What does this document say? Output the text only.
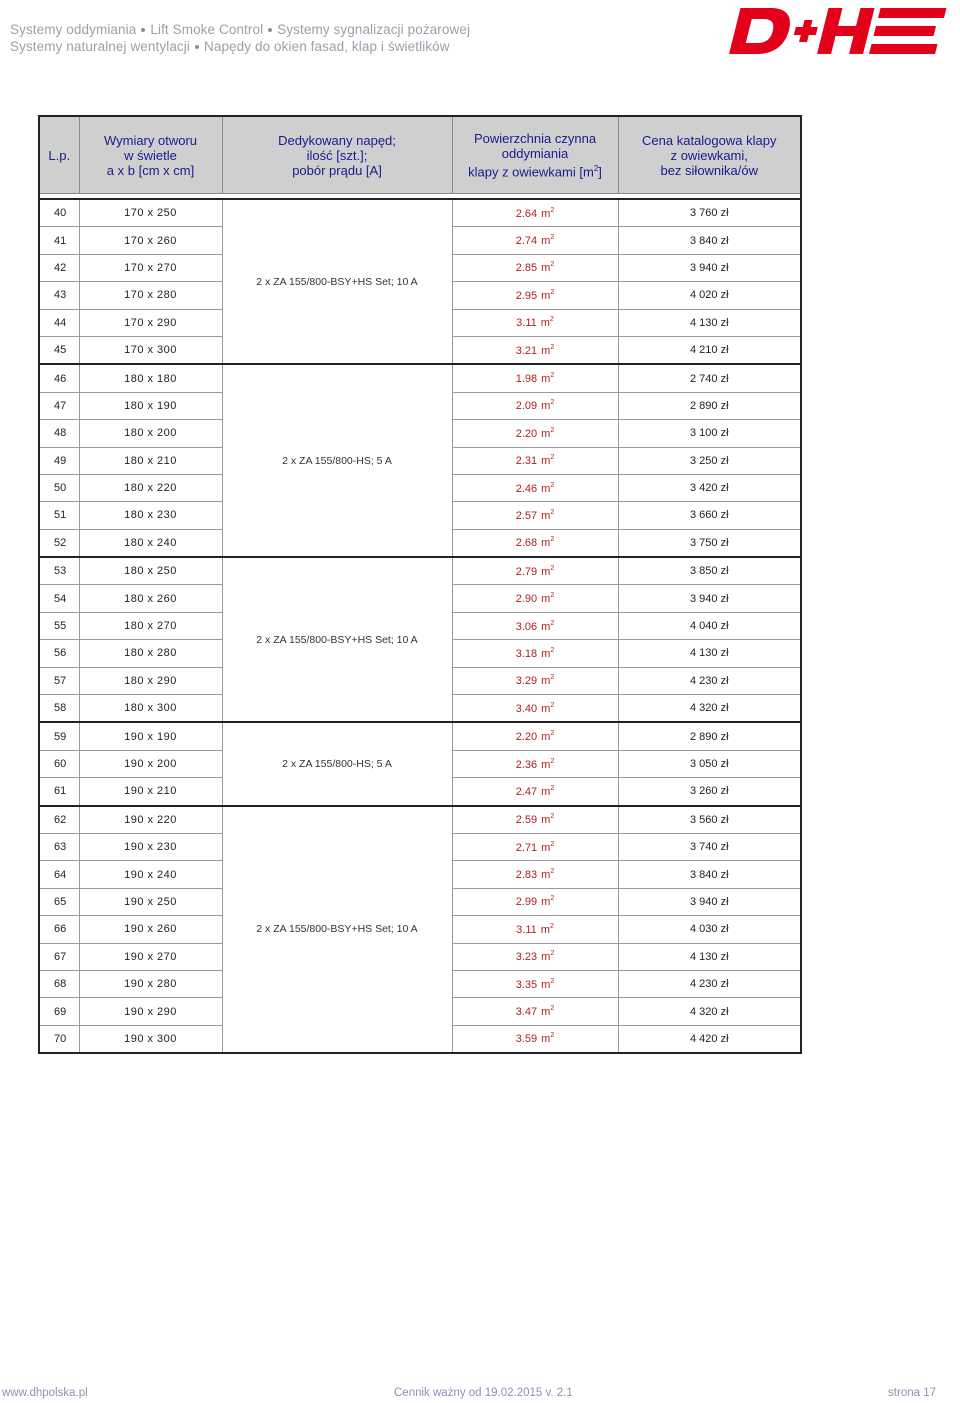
Systemy oddymiania Lift Smoke Control Systemy sygnalizacji pożarowej
Systemy naturalnej wentylacji Napędy do okien fasad, klap i świetlików
L.p.	Wymiary otworu
w świetle
a x b [cm x cm]	Dedykowany napęd;
ilość [szt.];
pobór prądu [A]	Powierzchnia czynna
oddymiania
klapy z owiewkami $[m^2]$	Cena katalogowa klapy
z owiewkami,
bez siłownika/ów

40	170 x 250	2 x ZA 155/800-BSY+HS Set; 10 A	2.64 $m^2$	3 760 zł
41	170 x 260		2.74 $m^2$	3 840 zł
42	170 x 270		2.85 $m^2$	3 940 zł
43	170 x 280		2.95 $m^2$	4 020 zł
44	170 x 290		3.11 $m^2$	4 130 zł
45	170 x 300		3.21 $m^2$	4 210 zł
46	180 x 180	2 x ZA 155/800-HS; 5 A	1.98 $m^2$	2 740 zł
47	180 x 190		2.09 $m^2$	2 890 zł
48	180 x 200		2.20 $m^2$	3 100 zł
49	180 x 210		2.31 $m^2$	3 250 zł
50	180 x 220		2.46 $m^2$	3 420 zł
51	180 x 230		2.57 $m^2$	3 660 zł
52	180 x 240		2.68 $m^2$	3 750 zł
53	180 x 250	2 x ZA 155/800-BSY+HS Set; 10 A	2.79 $m^2$	3 850 zł
54	180 x 260		2.90 $m^2$	3 940 zł
55	180 x 270		3.06 $m^2$	4 040 zł
56	180 x 280		3.18 $m^2$	4 130 zł
57	180 x 290		3.29 $m^2$	4 230 zł
58	180 x 300		3.40 $m^2$	4 320 zł
59	190 x 190	2 x ZA 155/800-HS; 5 A	2.20 $m^2$	2 890 zł
60	190 x 200		2.36 $m^2$	3 050 zł
61	190 x 210		2.47 $m^2$	3 260 zł
62	190 x 220	2 x ZA 155/800-BSY+HS Set; 10 A	2.59 $m^2$	3 560 zł
63	190 x 230		2.71 $m^2$	3 740 zł
64	190 x 240		2.83 $m^2$	3 840 zł
65	190 x 250		2.99 $m^2$	3 940 zł
66	190 x 260		3.11 $m^2$	4 030 zł
67	190 x 270		3.23 $m^2$	4 130 zł
68	190 x 280		3.35 $m^2$	4 230 zł
69	190 x 290		3.47 $m^2$	4 320 zł
70	190 x 300		3.59 $m^2$	4 420 zł
www.dhpolska.pl	Cennik ważny od 19.02.2015 v. 2.1	strona 17
